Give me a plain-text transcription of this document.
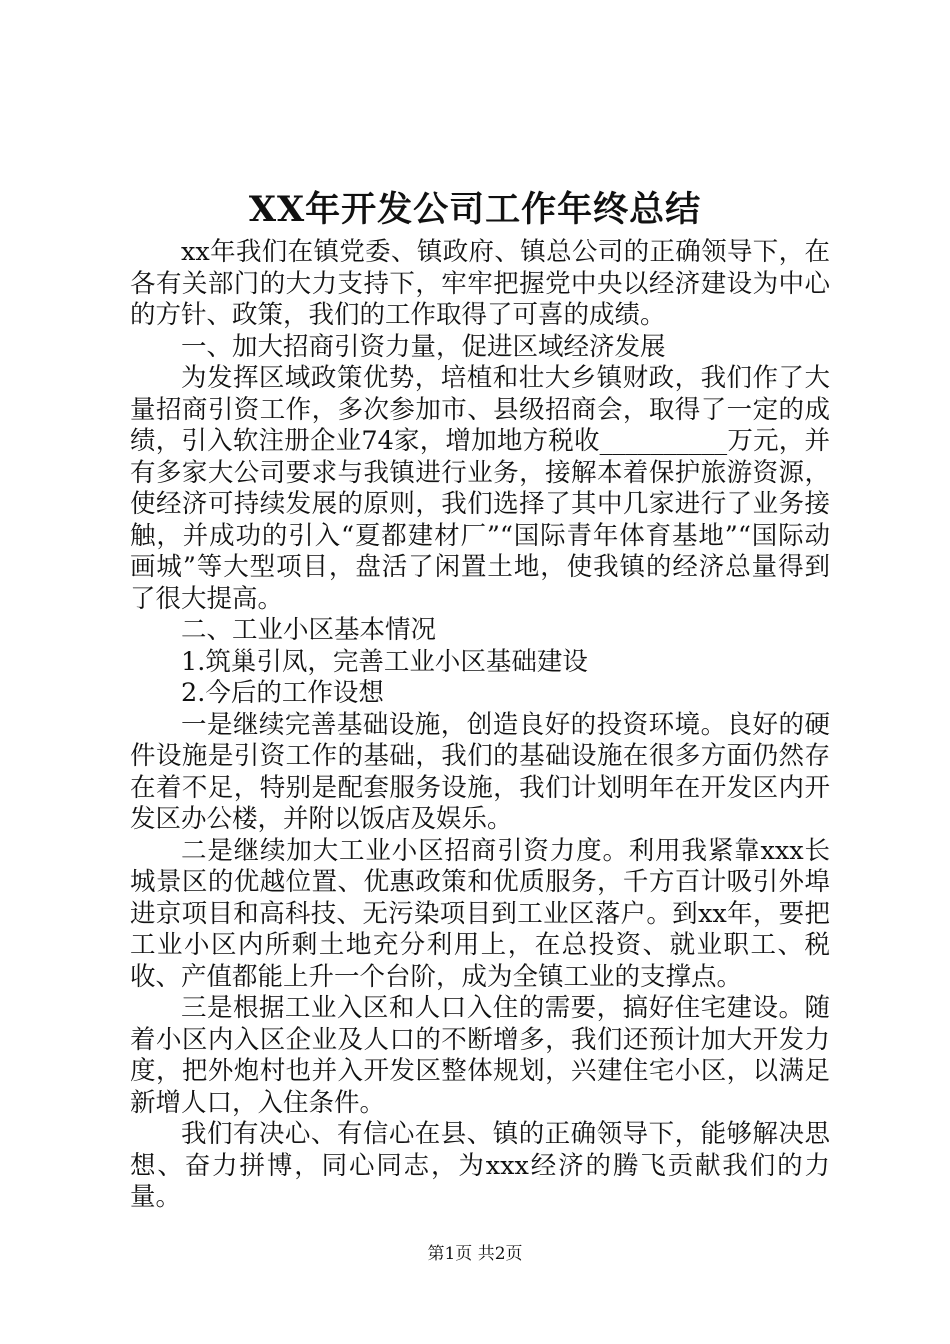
XX年开发公司工作年终总结

xx年我们在镇党委、镇政府、镇总公司的正确领导下，在各有关部门的大力支持下，牢牢把握党中央以经济建设为中心的方针、政策，我们的工作取得了可喜的成绩。

一、加大招商引资力量，促进区域经济发展

为发挥区域政策优势，培植和壮大乡镇财政，我们作了大量招商引资工作，多次参加市、县级招商会，取得了一定的成绩，引入软注册企业74家，增加地方税收__________万元，并有多家大公司要求与我镇进行业务，接解本着保护旅游资源，使经济可持续发展的原则，我们选择了其中几家进行了业务接触，并成功的引入“夏都建材厂”“国际青年体育基地”“国际动画城”等大型项目，盘活了闲置土地，使我镇的经济总量得到了很大提高。

二、工业小区基本情况

1.筑巢引凤，完善工业小区基础建设

2.今后的工作设想

一是继续完善基础设施，创造良好的投资环境。良好的硬件设施是引资工作的基础，我们的基础设施在很多方面仍然存在着不足，特别是配套服务设施，我们计划明年在开发区内开发区办公楼，并附以饭店及娱乐。

二是继续加大工业小区招商引资力度。利用我紧靠xxx长城景区的优越位置、优惠政策和优质服务，千方百计吸引外埠进京项目和高科技、无污染项目到工业区落户。到xx年，要把工业小区内所剩土地充分利用上，在总投资、就业职工、税收、产值都能上升一个台阶，成为全镇工业的支撑点。

三是根据工业入区和人口入住的需要，搞好住宅建设。随着小区内入区企业及人口的不断增多，我们还预计加大开发力度，把外炮村也并入开发区整体规划，兴建住宅小区，以满足新增人口，入住条件。

我们有决心、有信心在县、镇的正确领导下，能够解决思想、奋力拼博，同心同志，为xxx经济的腾飞贡献我们的力量。

第1页 共2页
